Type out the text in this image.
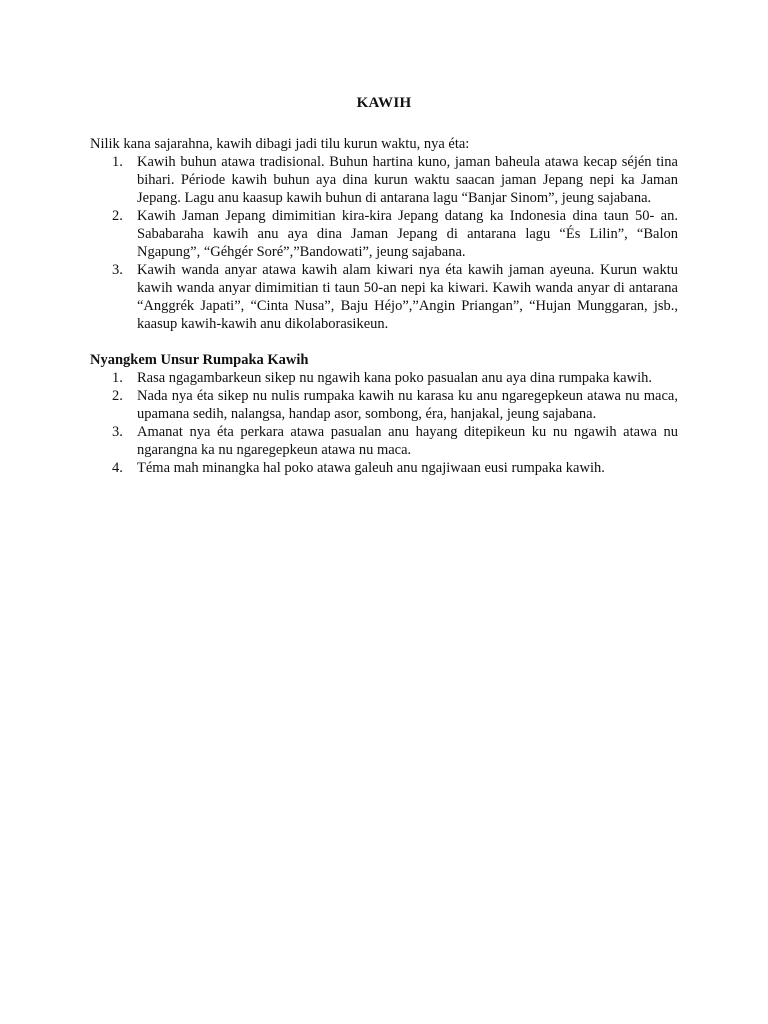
KAWIH

Nilik kana sajarahna, kawih dibagi jadi tilu kurun waktu, nya éta:

1. Kawih buhun atawa tradisional. Buhun hartina kuno, jaman baheula atawa kecap séjén tina bihari. Période kawih buhun aya dina kurun waktu saacan jaman Jepang nepi ka Jaman Jepang. Lagu anu kaasup kawih buhun di antarana lagu “Banjar Sinom”, jeung sajabana.
2. Kawih Jaman Jepang dimimitian kira-kira Jepang datang ka Indonesia dina taun 50- an. Sababaraha kawih anu aya dina Jaman Jepang di antarana lagu “És Lilin”, “Balon Ngapung”, “Géhgér Soré”,”Bandowati”, jeung sajabana.
3. Kawih wanda anyar atawa kawih alam kiwari nya éta kawih jaman ayeuna. Kurun waktu kawih wanda anyar dimimitian ti taun 50-an nepi ka kiwari. Kawih wanda anyar di antarana “Anggrék Japati”, “Cinta Nusa”, Baju Héjo”,”Angin Priangan”, “Hujan Munggaran, jsb., kaasup kawih-kawih anu dikolaborasikeun.
Nyangkem Unsur Rumpaka Kawih
1. Rasa ngagambarkeun sikep nu ngawih kana poko pasualan anu aya dina rumpaka kawih.
2. Nada nya éta sikep nu nulis rumpaka kawih nu karasa ku anu ngaregepkeun atawa nu maca, upamana sedih, nalangsa, handap asor, sombong, éra, hanjakal, jeung sajabana.
3. Amanat nya éta perkara atawa pasualan anu hayang ditepikeun ku nu ngawih atawa nu ngarangna ka nu ngaregepkeun atawa nu maca.
4. Téma mah minangka hal poko atawa galeuh anu ngajiwaan eusi rumpaka kawih.
